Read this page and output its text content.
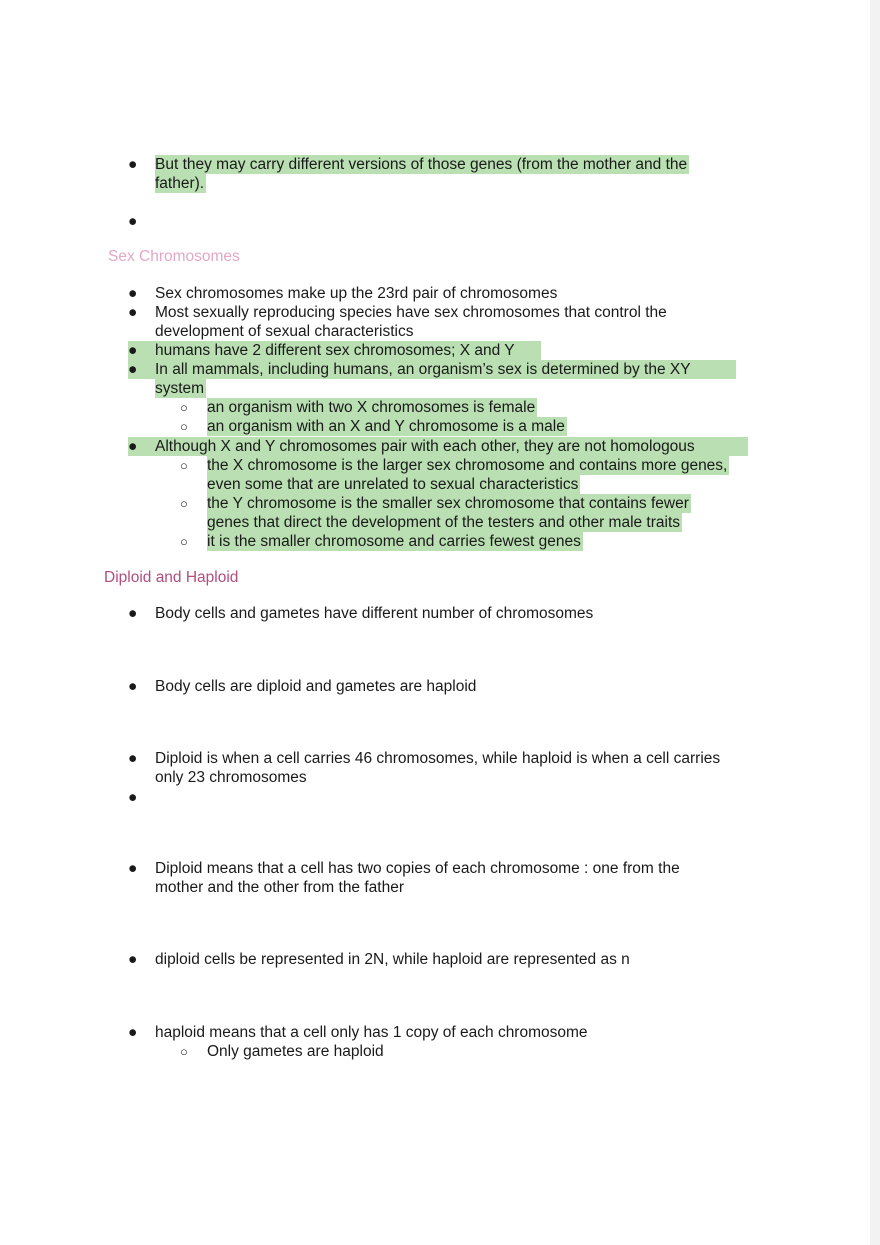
● But they may carry different versions of those genes (from the mother and the
father).
●
Sex Chromosomes
● Sex chromosomes make up the 23rd pair of chromosomes
● Most sexually reproducing species have sex chromosomes that control the
development of sexual characteristics
● humans have 2 different sex chromosomes; X and Y
● In all mammals, including humans, an organism’s sex is determined by the XY
system
○ an organism with two X chromosomes is female
○ an organism with an X and Y chromosome is a male
● Although X and Y chromosomes pair with each other, they are not homologous
○ the X chromosome is the larger sex chromosome and contains more genes,
even some that are unrelated to sexual characteristics
○ the Y chromosome is the smaller sex chromosome that contains fewer
genes that direct the development of the testers and other male traits
○ it is the smaller chromosome and carries fewest genes
Diploid and Haploid
● Body cells and gametes have different number of chromosomes
● Body cells are diploid and gametes are haploid
● Diploid is when a cell carries 46 chromosomes, while haploid is when a cell carries
only 23 chromosomes
●
● Diploid means that a cell has two copies of each chromosome : one from the
mother and the other from the father
● diploid cells be represented in 2N, while haploid are represented as n
● haploid means that a cell only has 1 copy of each chromosome
○ Only gametes are haploid
